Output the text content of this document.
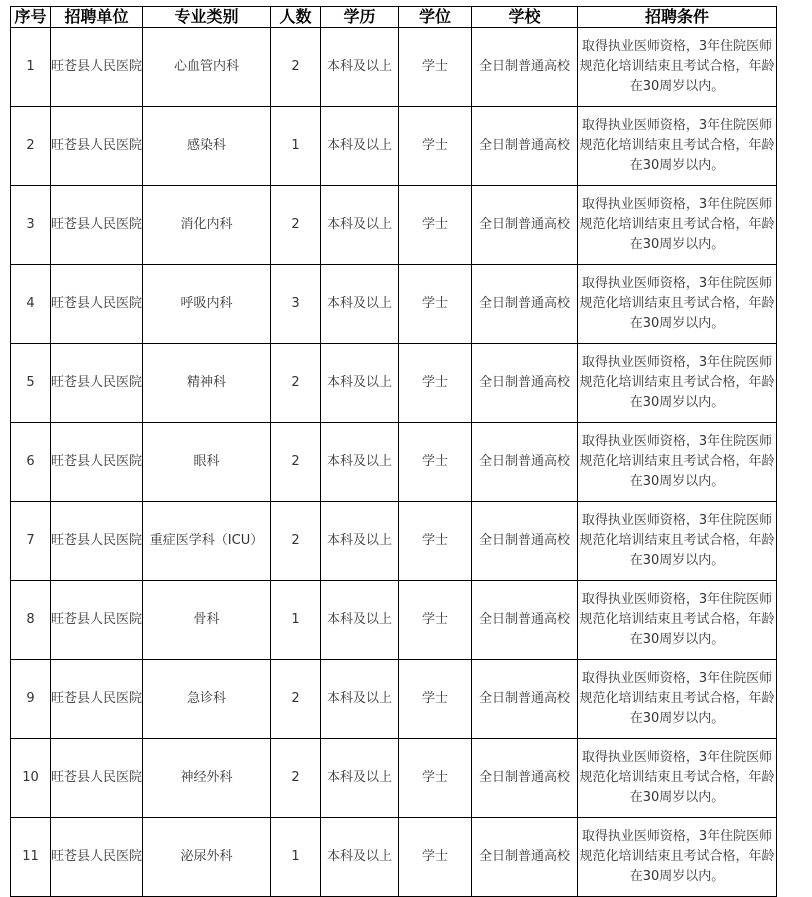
序号	招聘单位	专业类别	人数	学历	学位	学校	招聘条件
1	旺苍县人民医院	心血管内科	2	本科及以上	学士	全日制普通高校	取得执业医师资格，3年住院医师规范化培训结束且考试合格，年龄在30周岁以内。
2	旺苍县人民医院	感染科	1	本科及以上	学士	全日制普通高校	取得执业医师资格，3年住院医师规范化培训结束且考试合格，年龄在30周岁以内。
3	旺苍县人民医院	消化内科	2	本科及以上	学士	全日制普通高校	取得执业医师资格，3年住院医师规范化培训结束且考试合格，年龄在30周岁以内。
4	旺苍县人民医院	呼吸内科	3	本科及以上	学士	全日制普通高校	取得执业医师资格，3年住院医师规范化培训结束且考试合格，年龄在30周岁以内。
5	旺苍县人民医院	精神科	2	本科及以上	学士	全日制普通高校	取得执业医师资格，3年住院医师规范化培训结束且考试合格，年龄在30周岁以内。
6	旺苍县人民医院	眼科	2	本科及以上	学士	全日制普通高校	取得执业医师资格，3年住院医师规范化培训结束且考试合格，年龄在30周岁以内。
7	旺苍县人民医院	重症医学科（ICU）	2	本科及以上	学士	全日制普通高校	取得执业医师资格，3年住院医师规范化培训结束且考试合格，年龄在30周岁以内。
8	旺苍县人民医院	骨科	1	本科及以上	学士	全日制普通高校	取得执业医师资格，3年住院医师规范化培训结束且考试合格，年龄在30周岁以内。
9	旺苍县人民医院	急诊科	2	本科及以上	学士	全日制普通高校	取得执业医师资格，3年住院医师规范化培训结束且考试合格，年龄在30周岁以内。
10	旺苍县人民医院	神经外科	2	本科及以上	学士	全日制普通高校	取得执业医师资格，3年住院医师规范化培训结束且考试合格，年龄在30周岁以内。
11	旺苍县人民医院	泌尿外科	1	本科及以上	学士	全日制普通高校	取得执业医师资格，3年住院医师规范化培训结束且考试合格，年龄在30周岁以内。
